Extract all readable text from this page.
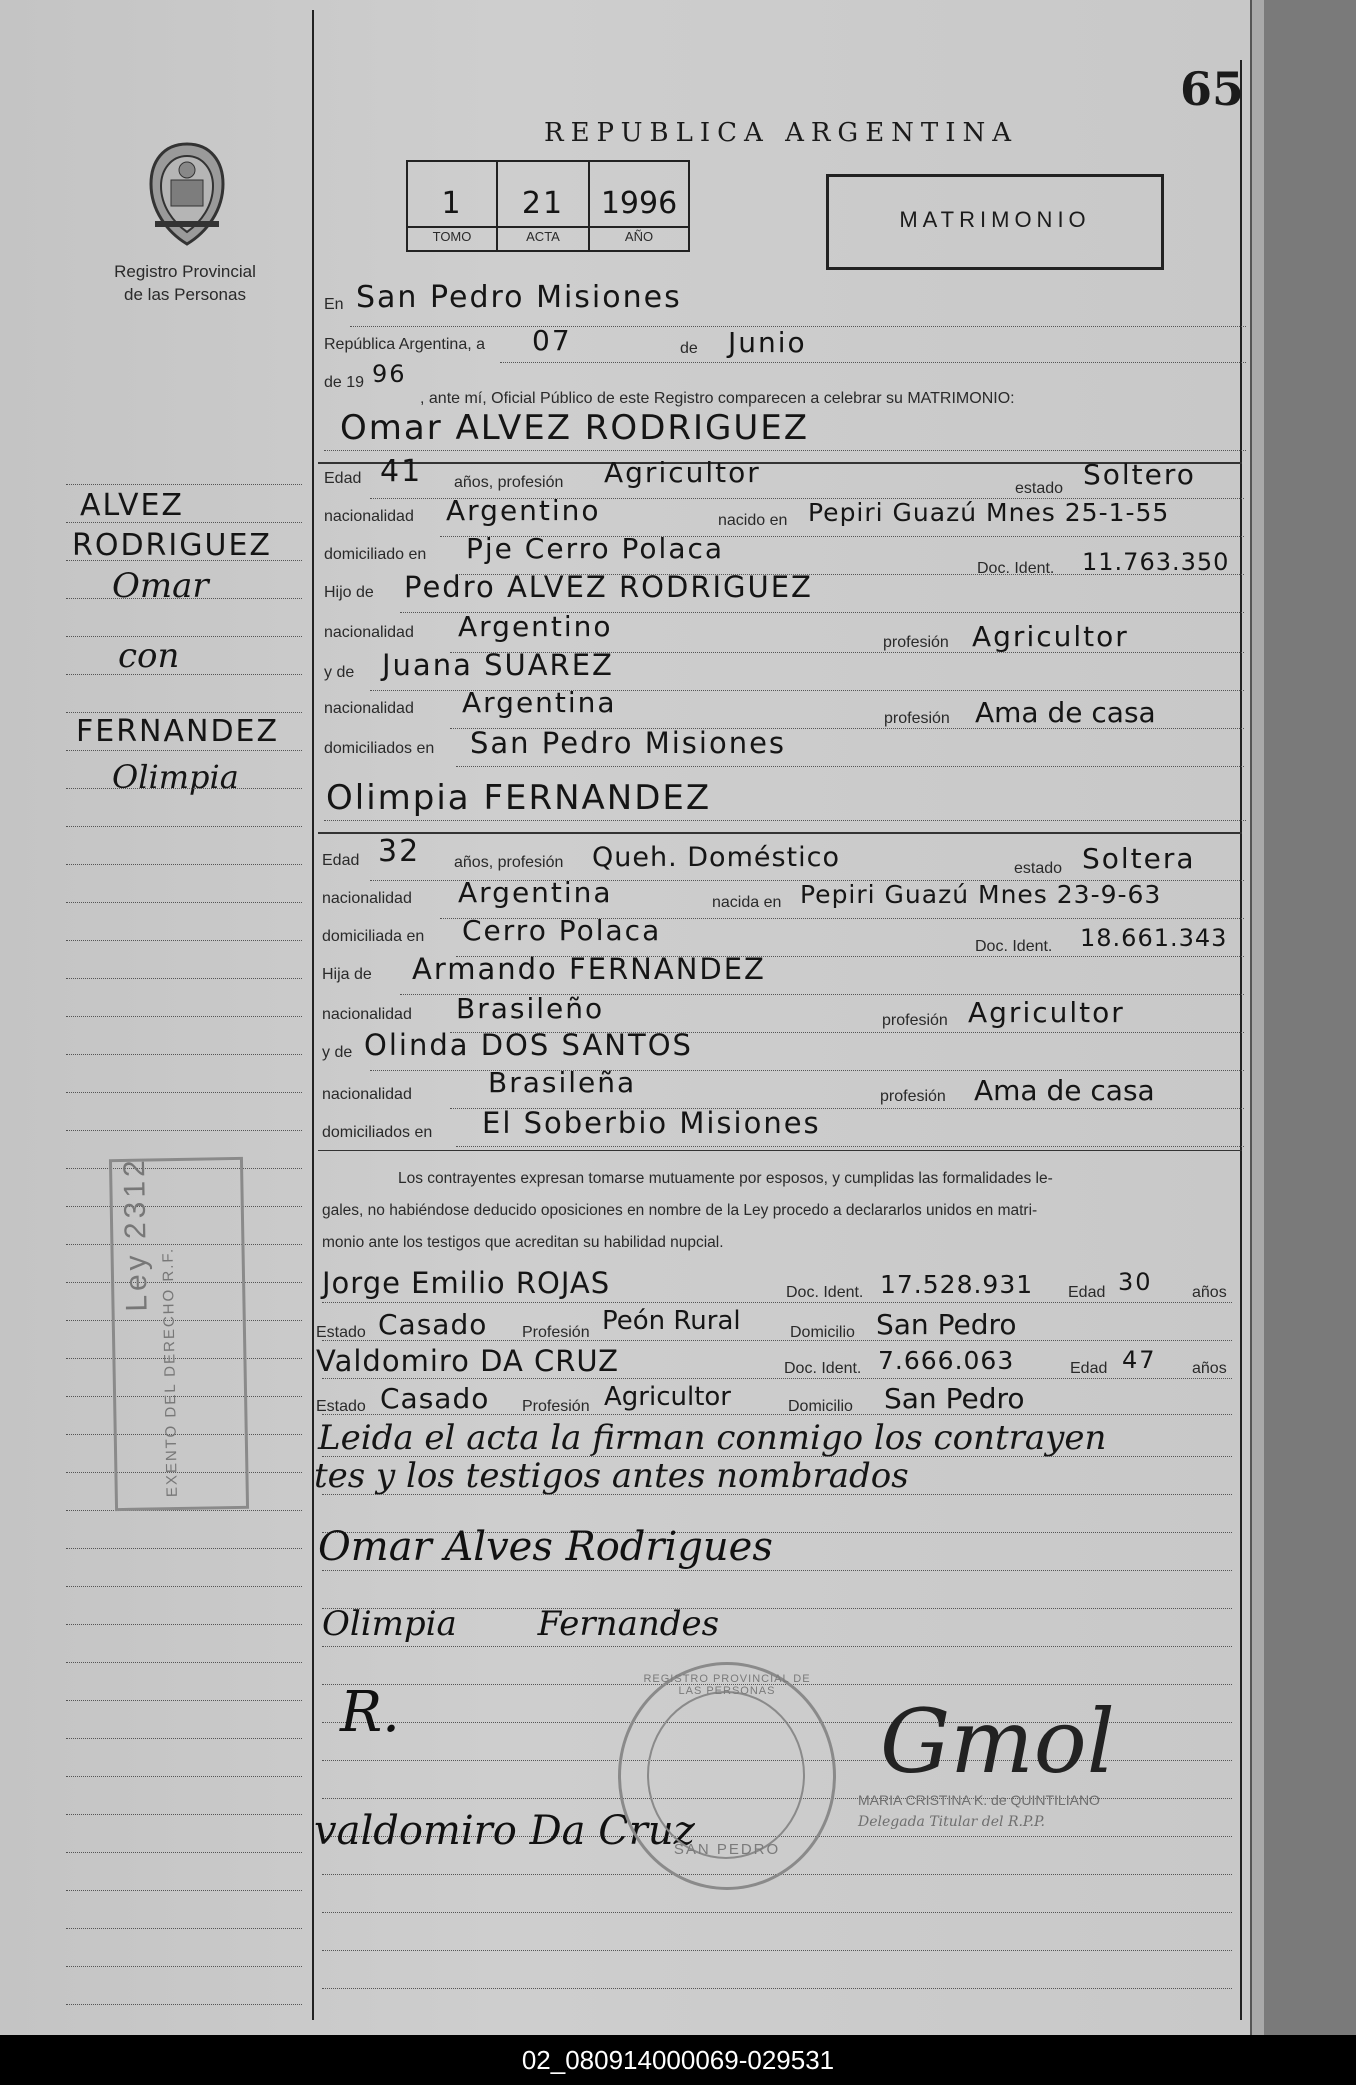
65
Registro Provincial
de las Personas
REPUBLICA ARGENTINA
1	21	1996
TOMO	ACTA	AÑO
MATRIMONIO
ALVEZ
RODRIGUEZ
Omar
con
FERNANDEZ
Olimpia
Ley 2312
EXENTO DEL DERECHO R.F.
En San Pedro Misiones
República Argentina, a 07	de Junio
de 19 96
, ante mí, Oficial Público de este Registro comparecen a celebrar su MATRIMONIO:
Omar ALVEZ RODRIGUEZ
Edad 41 años, profesión Agricultor	estado Soltero
nacionalidad Argentino	nacido en Pepiri Guazú Mnes 25-1-55
domiciliado en Pje Cerro Polaca
Doc. Ident. 11.763.350
Hijo de Pedro ALVEZ RODRIGUEZ
nacionalidad Argentino	profesión Agricultor
y de Juana SUAREZ
nacionalidad Argentina	profesión Ama de casa
domiciliados en San Pedro Misiones
Olimpia FERNANDEZ
Edad 32 años, profesión Queh. Doméstico	estado Soltera
nacionalidad Argentina	nacida en Pepiri Guazú Mnes 23-9-63
domiciliada en Cerro Polaca	Doc. Ident. 18.661.343
Hija de Armando FERNANDEZ
nacionalidad Brasileño	profesión Agricultor
y de Olinda DOS SANTOS
nacionalidad	Brasileña	profesión Ama de casa
domiciliados en El Soberbio Misiones
Los contrayentes expresan tomarse mutuamente por esposos, y cumplidas las formalidades le-
gales, no habiéndose deducido oposiciones en nombre de la Ley procedo a declararlos unidos en matri-
monio ante los testigos que acreditan su habilidad nupcial.
Jorge Emilio ROJAS	Doc. Ident. 17.528.931 Edad 30 años
Estado Casado Profesión Peón Rural	Domicilio San Pedro
Valdomiro DA CRUZ	Doc. Ident. 7.666.063	Edad 47 años
Estado Casado Profesión Agricultor	Domicilio San Pedro
Leida el acta la firman conmigo los contrayen
tes y los testigos antes nombrados
Omar Alves Rodrigues
Olimpia Fernandes
R.
valdomiro Da Cruz
REGISTRO PROVINCIAL DE LAS PERSONAS
SAN PEDRO
Gmol
MARIA CRISTINA K. de QUINTILIANO
Delegada Titular del R.P.P.
02_080914000069-029531
